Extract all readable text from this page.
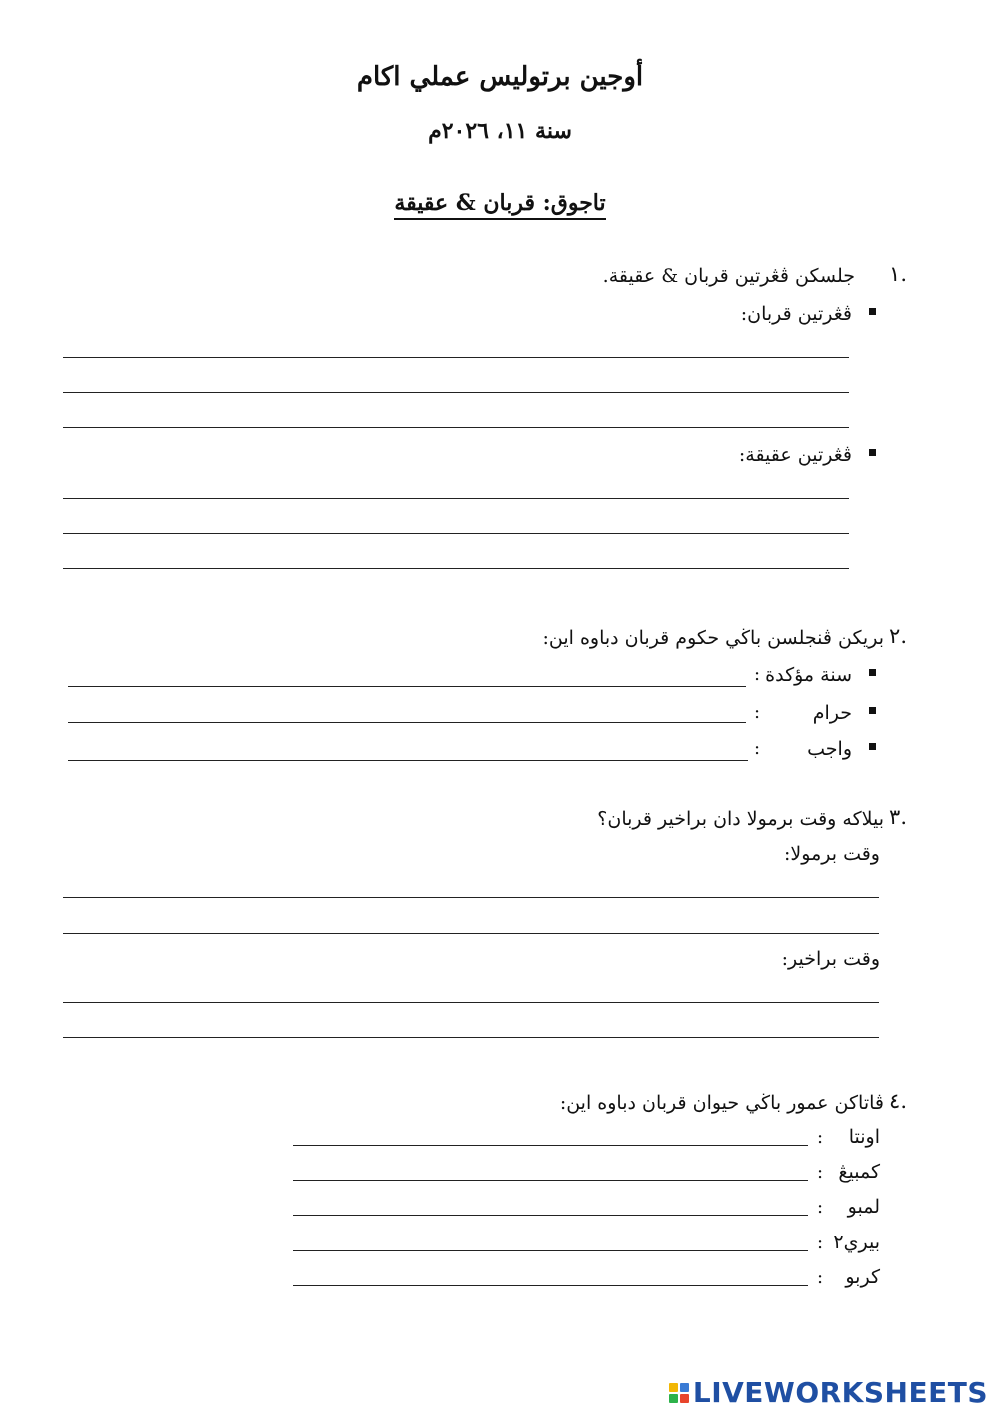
أوجين برتوليس عملي اكام
سنة ١١، ٢٠٢٦م
تاجوق: قربان & عقيقة
.١
جلسكن ڤڠرتين قربان & عقيقة.
ڤڠرتين قربان:
ڤڠرتين عقيقة:
.٢
بريكن ڤنجلسن باڬي حکوم قربان دباوه اين:
سنة مؤكدة
:
حرام
:
واجب
:
.٣
بيلاکه وقت برمولا دان براخير قربان؟
وقت برمولا:
وقت براخير:
.٤
ڤاتاكن عمور باڬي حيوان قربان دباوه اين:
اونتا
:
کمبيڠ
:
لمبو
:
بيري٢
:
کربو
:
LIVEWORKSHEETS
